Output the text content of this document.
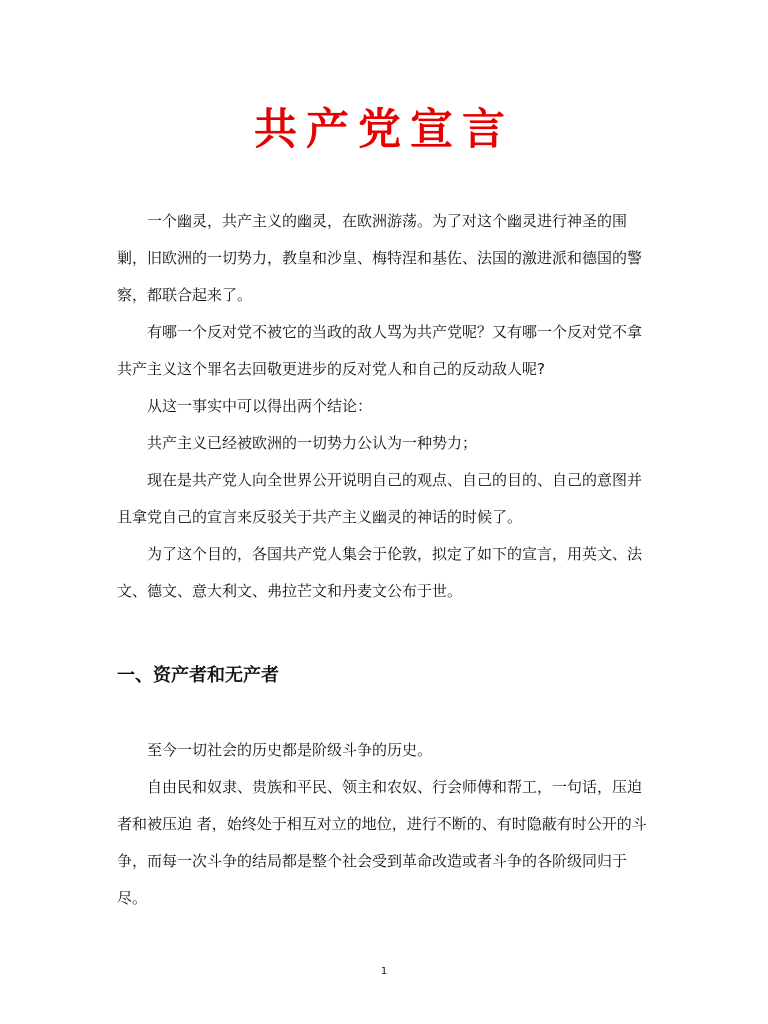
共产党宣言

一个幽灵，共产主义的幽灵，在欧洲游荡。为了对这个幽灵进行神圣的围剿，旧欧洲的一切势力，教皇和沙皇、梅特涅和基佐、法国的激进派和德国的警察，都联合起来了。

有哪一个反对党不被它的当政的敌人骂为共产党呢？又有哪一个反对党不拿共产主义这个罪名去回敬更进步的反对党人和自己的反动敌人呢?

从这一事实中可以得出两个结论：

共产主义已经被欧洲的一切势力公认为一种势力；

现在是共产党人向全世界公开说明自己的观点、自己的目的、自己的意图并且拿党自己的宣言来反驳关于共产主义幽灵的神话的时候了。

为了这个目的，各国共产党人集会于伦敦，拟定了如下的宣言，用英文、法文、德文、意大利文、弗拉芒文和丹麦文公布于世。

一、资产者和无产者

至今一切社会的历史都是阶级斗争的历史。

自由民和奴隶、贵族和平民、领主和农奴、行会师傅和帮工，一句话，压迫者和被压迫 者，始终处于相互对立的地位，进行不断的、有时隐蔽有时公开的斗争，而每一次斗争的结局都是整个社会受到革命改造或者斗争的各阶级同归于尽。

1
